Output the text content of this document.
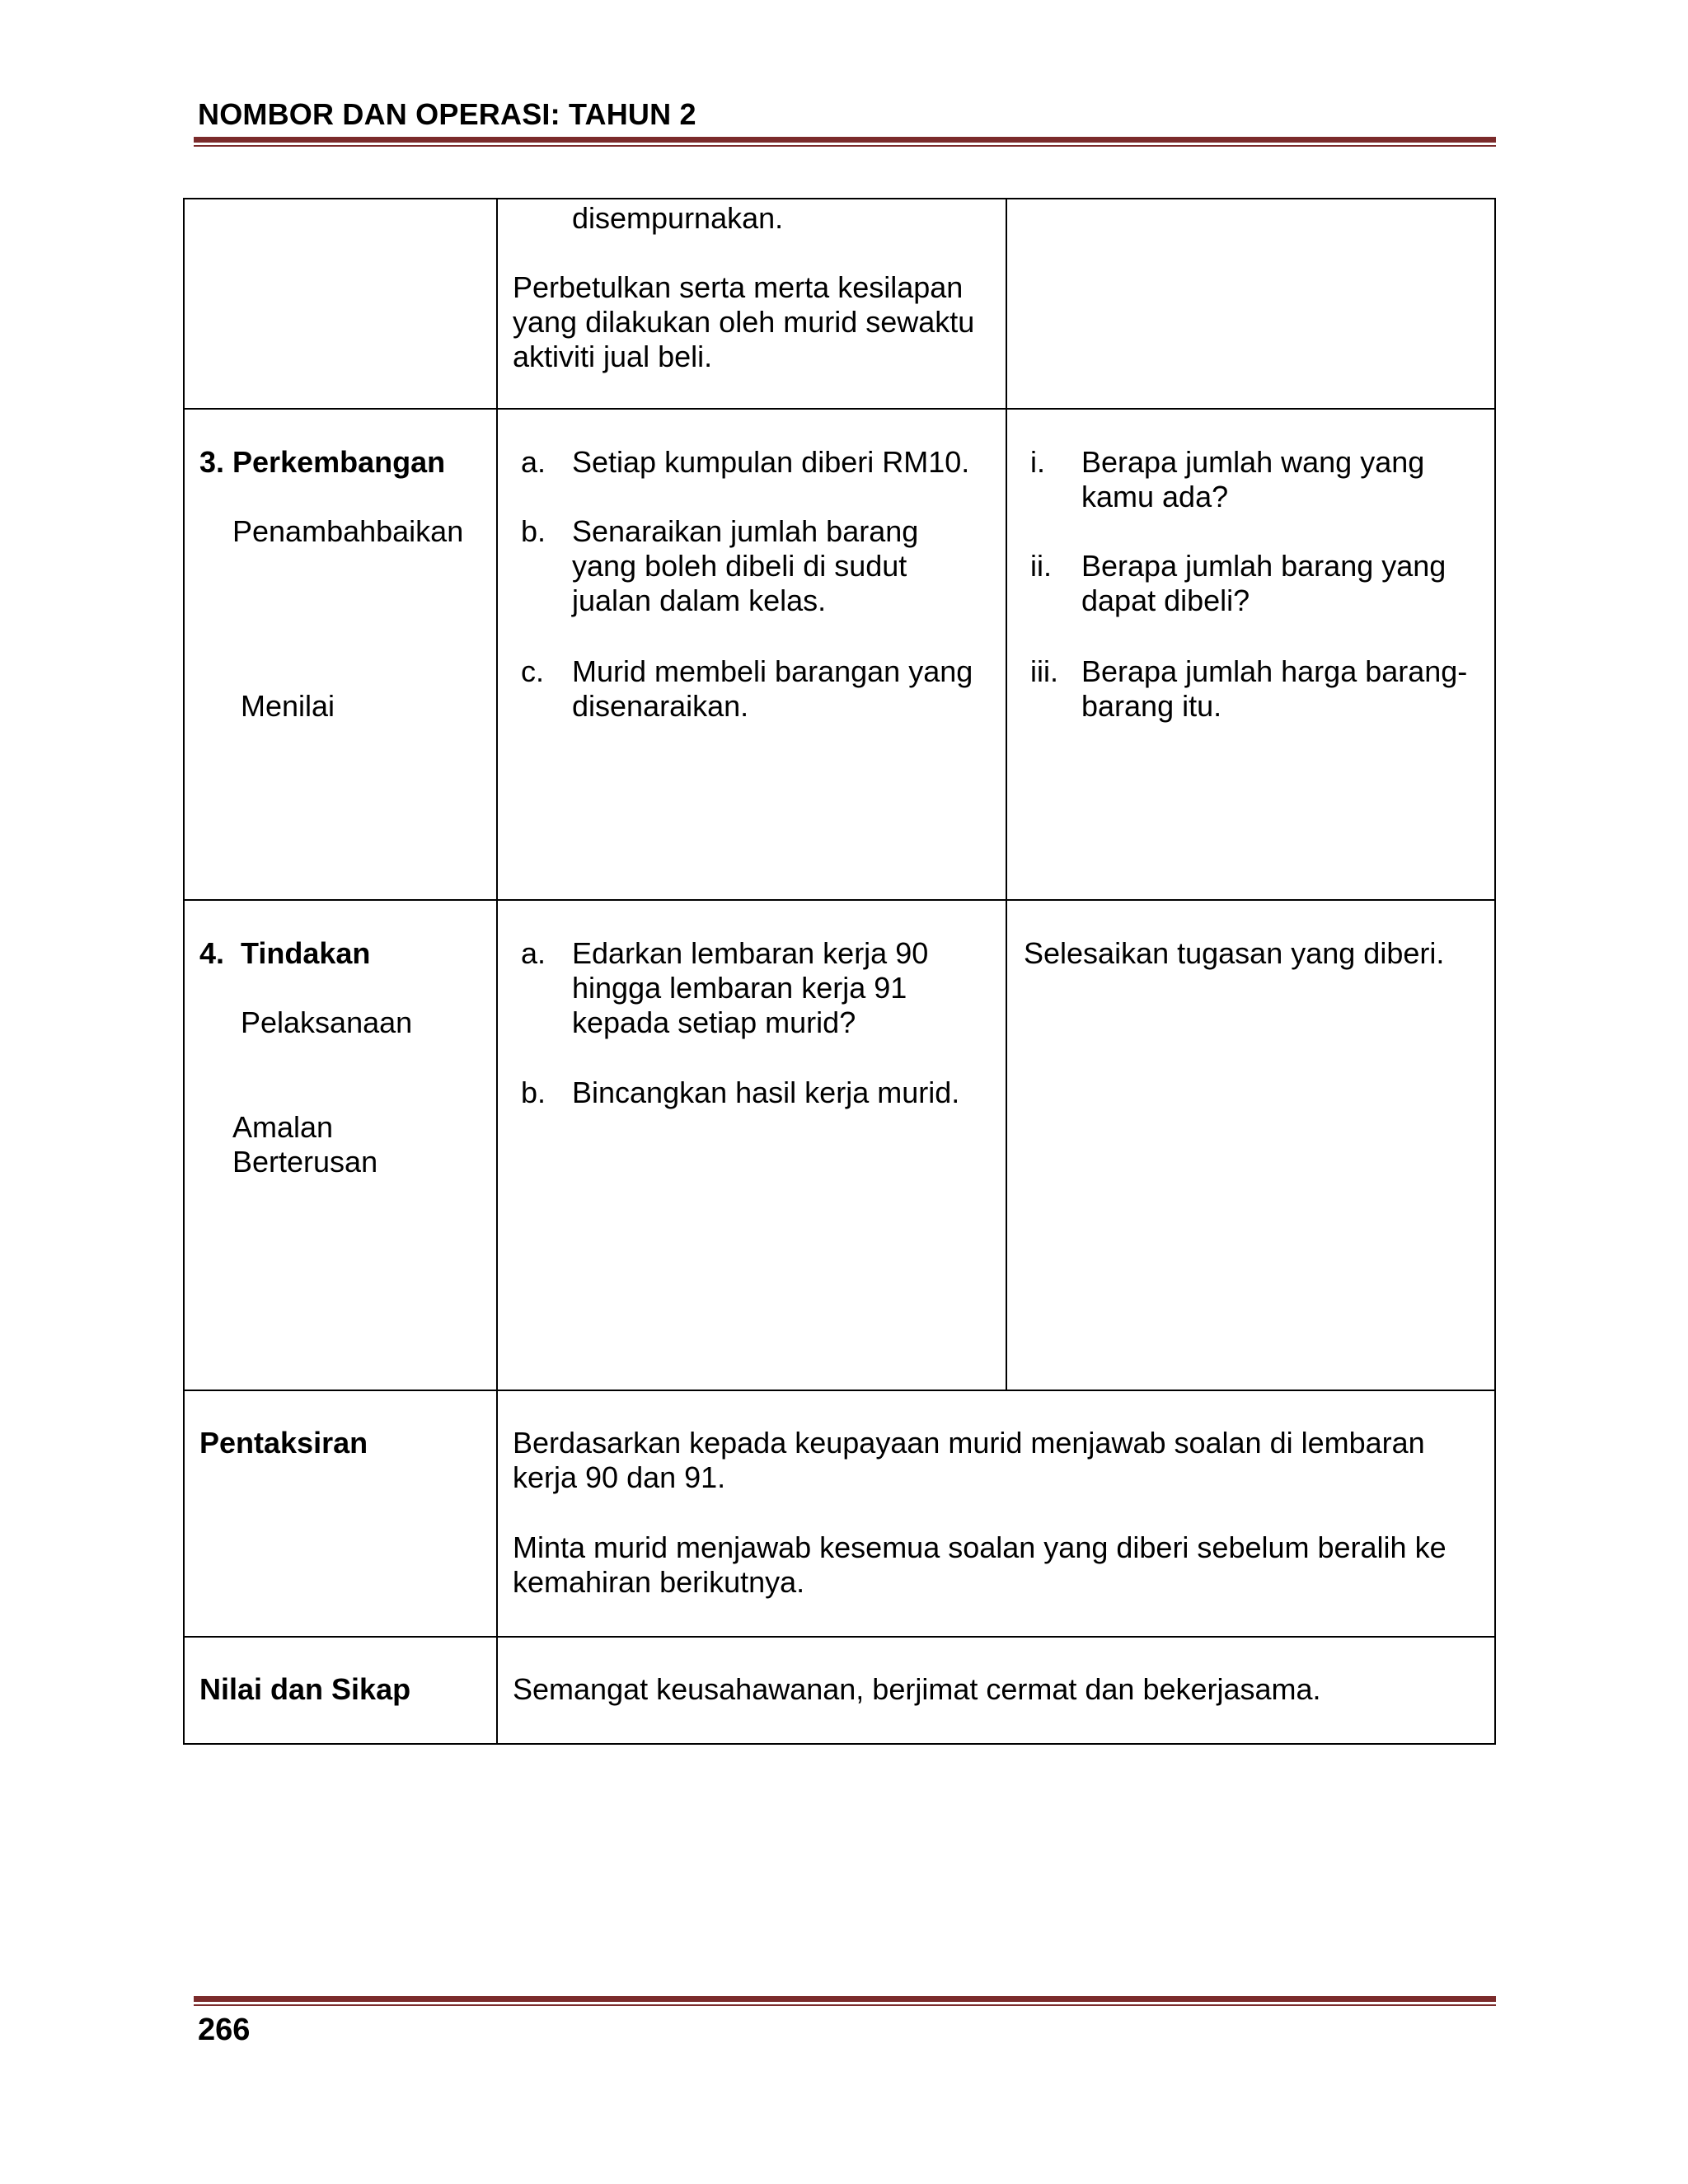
NOMBOR DAN OPERASI: TAHUN 2
disempurnakan.
Perbetulkan serta merta kesilapan
yang dilakukan oleh murid sewaktu
aktiviti jual beli.
3. Perkembangan
Penambahbaikan
Menilai
a. Setiap kumpulan diberi RM10.
b. Senaraikan jumlah barang
yang boleh dibeli di sudut
jualan dalam kelas.
c. Murid membeli barangan yang
disenaraikan.
i. Berapa jumlah wang yang
kamu ada?
ii. Berapa jumlah barang yang
dapat dibeli?
iii. Berapa jumlah harga barang-
barang itu.
4.  Tindakan
Pelaksanaan
Amalan
Berterusan
a. Edarkan lembaran kerja 90
hingga lembaran kerja 91
kepada setiap murid?
b. Bincangkan hasil kerja murid.
Selesaikan tugasan yang diberi.
Pentaksiran	Berdasarkan kepada keupayaan murid menjawab soalan di lembaran
kerja 90 dan 91.
Minta murid menjawab kesemua soalan yang diberi sebelum beralih ke
kemahiran berikutnya.
Nilai dan Sikap	Semangat keusahawanan, berjimat cermat dan bekerjasama.
266
